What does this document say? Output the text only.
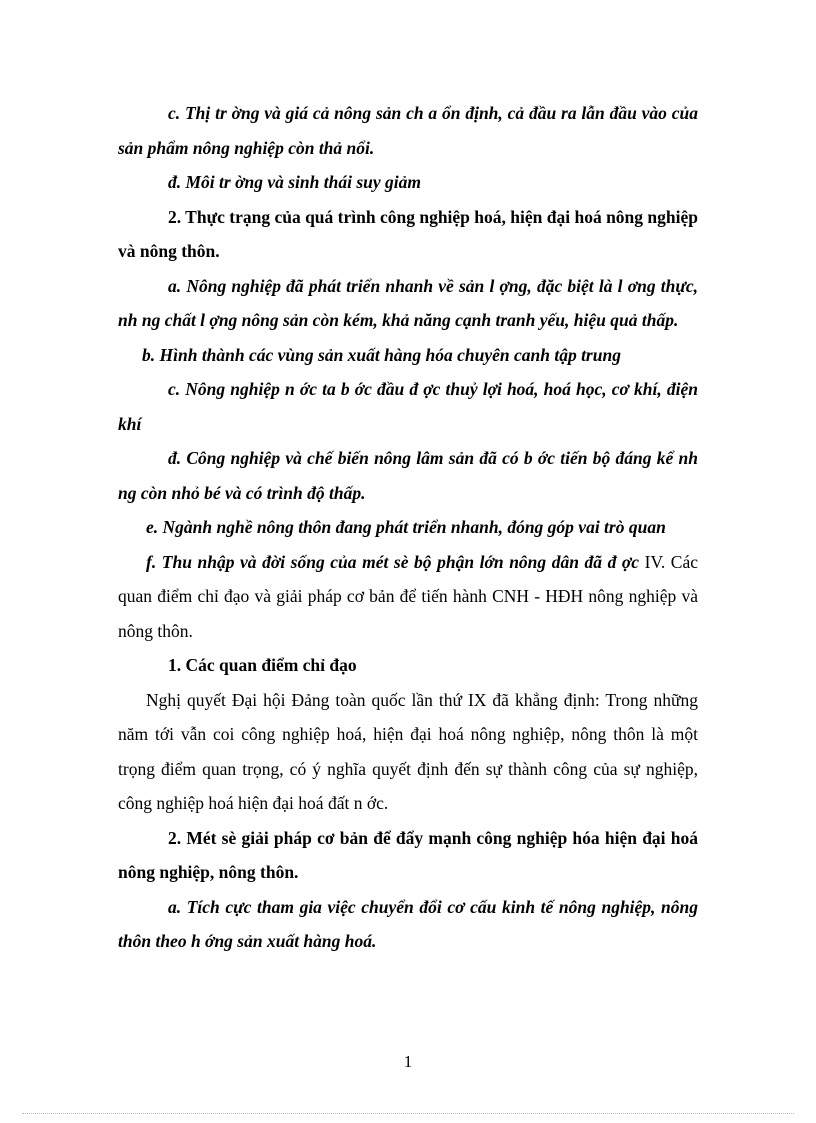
c. Thị tr ờng và giá cả nông sản ch a ổn định, cả đầu ra lẫn đầu vào của sản phẩm nông nghiệp còn thả nổi.

đ. Môi tr ờng và sinh thái suy giảm

2. Thực trạng của quá trình công nghiệp hoá, hiện đại hoá nông nghiệp và nông thôn.

a. Nông nghiệp đã phát triển nhanh về sản l ợng, đặc biệt là l ơng thực, nh ng chất l ợng nông sản còn kém, khả năng cạnh tranh yếu, hiệu quả thấp.

b. Hình thành các vùng sản xuất hàng hóa chuyên canh tập trung

c. Nông nghiệp n ớc ta b ớc đầu đ ợc thuỷ lợi hoá, hoá học, cơ khí, điện khí

đ. Công nghiệp và chế biến nông lâm sản đã có b ớc tiến bộ đáng kể nh ng còn nhỏ bé và có trình độ thấp.

e. Ngành nghề nông thôn đang phát triển nhanh, đóng góp vai trò quan

f. Thu nhập và đời sống của mét sè bộ phận lớn nông dân đã đ ợc IV. Các quan điểm chỉ đạo và giải pháp cơ bản để tiến hành CNH - HĐH nông nghiệp và nông thôn.

1. Các quan điểm chỉ đạo

Nghị quyết Đại hội Đảng toàn quốc lần thứ IX đã khẳng định: Trong những năm tới vẫn coi công nghiệp hoá, hiện đại hoá nông nghiệp, nông thôn là một trọng điểm quan trọng, có ý nghĩa quyết định đến sự thành công của sự nghiệp, công nghiệp hoá hiện đại hoá đất n ớc.

2. Mét sè giải pháp cơ bản để đẩy mạnh công nghiệp hóa hiện đại hoá nông nghiệp, nông thôn.

a. Tích cực tham gia việc chuyển đổi cơ cấu kinh tế nông nghiệp, nông thôn theo h ớng sản xuất hàng hoá.

1
